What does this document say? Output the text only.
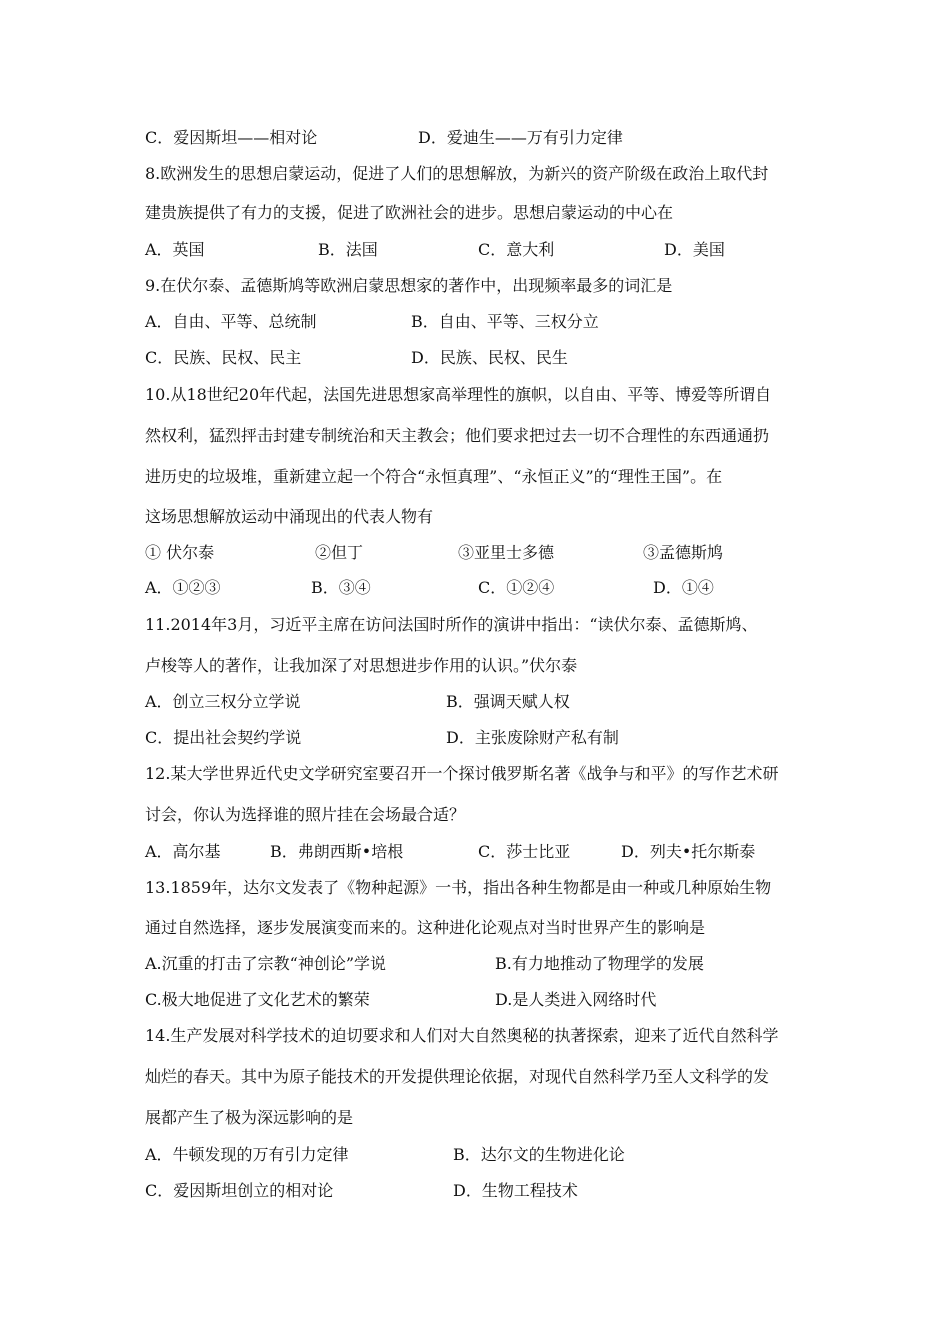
C．爱因斯坦——相对论	D．爱迪生——万有引力定律
8.欧洲发生的思想启蒙运动，促进了人们的思想解放，为新兴的资产阶级在政治上取代封
建贵族提供了有力的支援，促进了欧洲社会的进步。思想启蒙运动的中心在
A．英国	B．法国	C．意大利	D．美国
9.在伏尔泰、孟德斯鸠等欧洲启蒙思想家的著作中，出现频率最多的词汇是
A．自由、平等、总统制	B．自由、平等、三权分立
C．民族、民权、民主	D．民族、民权、民生
10.从18世纪20年代起，法国先进思想家高举理性的旗帜，以自由、平等、博爱等所谓自
然权利，猛烈抨击封建专制统治和天主教会；他们要求把过去一切不合理性的东西通通扔
进历史的垃圾堆，重新建立起一个符合“永恒真理”、“永恒正义”的“理性王国”。在
这场思想解放运动中涌现出的代表人物有
① 伏尔泰	②但丁	③亚里士多德	③孟德斯鸠
A．①②③	B．③④	C．①②④	D．①④
11.2014年3月，习近平主席在访问法国时所作的演讲中指出：“读伏尔泰、孟德斯鸠、
卢梭等人的著作，让我加深了对思想进步作用的认识。”伏尔泰
A．创立三权分立学说	B．强调天赋人权
C．提出社会契约学说	D．主张废除财产私有制
12.某大学世界近代史文学研究室要召开一个探讨俄罗斯名著《战争与和平》的写作艺术研
讨会，你认为选择谁的照片挂在会场最合适？
A．高尔基	B．弗朗西斯•培根	C．莎士比亚	D．列夫•托尔斯泰
13.1859年，达尔文发表了《物种起源》一书，指出各种生物都是由一种或几种原始生物
通过自然选择，逐步发展演变而来的。这种进化论观点对当时世界产生的影响是
A.沉重的打击了宗教“神创论”学说	B.有力地推动了物理学的发展
C.极大地促进了文化艺术的繁荣	D.是人类进入网络时代
14.生产发展对科学技术的迫切要求和人们对大自然奥秘的执著探索，迎来了近代自然科学
灿烂的春天。其中为原子能技术的开发提供理论依据，对现代自然科学乃至人文科学的发
展都产生了极为深远影响的是
A．牛顿发现的万有引力定律	B．达尔文的生物进化论
C．爱因斯坦创立的相对论	D．生物工程技术
